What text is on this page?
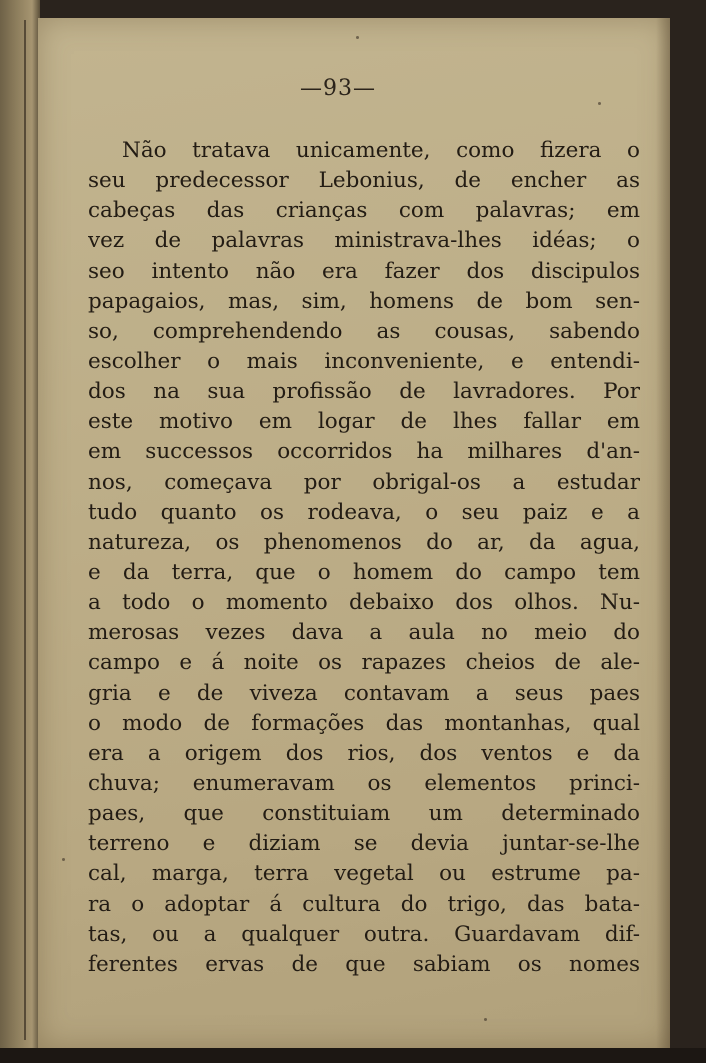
—93—
Não tratava unicamente, como fizera o
seu predecessor Lebonius, de encher as
cabeças das crianças com palavras; em
vez de palavras ministrava-lhes idéas; o
seo intento não era fazer dos discipulos
papagaios, mas, sim, homens de bom sen-
so, comprehendendo as cousas, sabendo
escolher o mais inconveniente, e entendi-
dos na sua profissão de lavradores. Por
este motivo em logar de lhes fallar em
em successos occorridos ha milhares d'an-
nos, começava por obrigal-os a estudar
tudo quanto os rodeava, o seu paiz e a
natureza, os phenomenos do ar, da agua,
e da terra, que o homem do campo tem
a todo o momento debaixo dos olhos. Nu-
merosas vezes dava a aula no meio do
campo e á noite os rapazes cheios de ale-
gria e de viveza contavam a seus paes
o modo de formações das montanhas, qual
era a origem dos rios, dos ventos e da
chuva; enumeravam os elementos princi-
paes, que constituiam um determinado
terreno e diziam se devia juntar-se-lhe
cal, marga, terra vegetal ou estrume pa-
ra o adoptar á cultura do trigo, das bata-
tas, ou a qualquer outra. Guardavam dif-
ferentes ervas de que sabiam os nomes
